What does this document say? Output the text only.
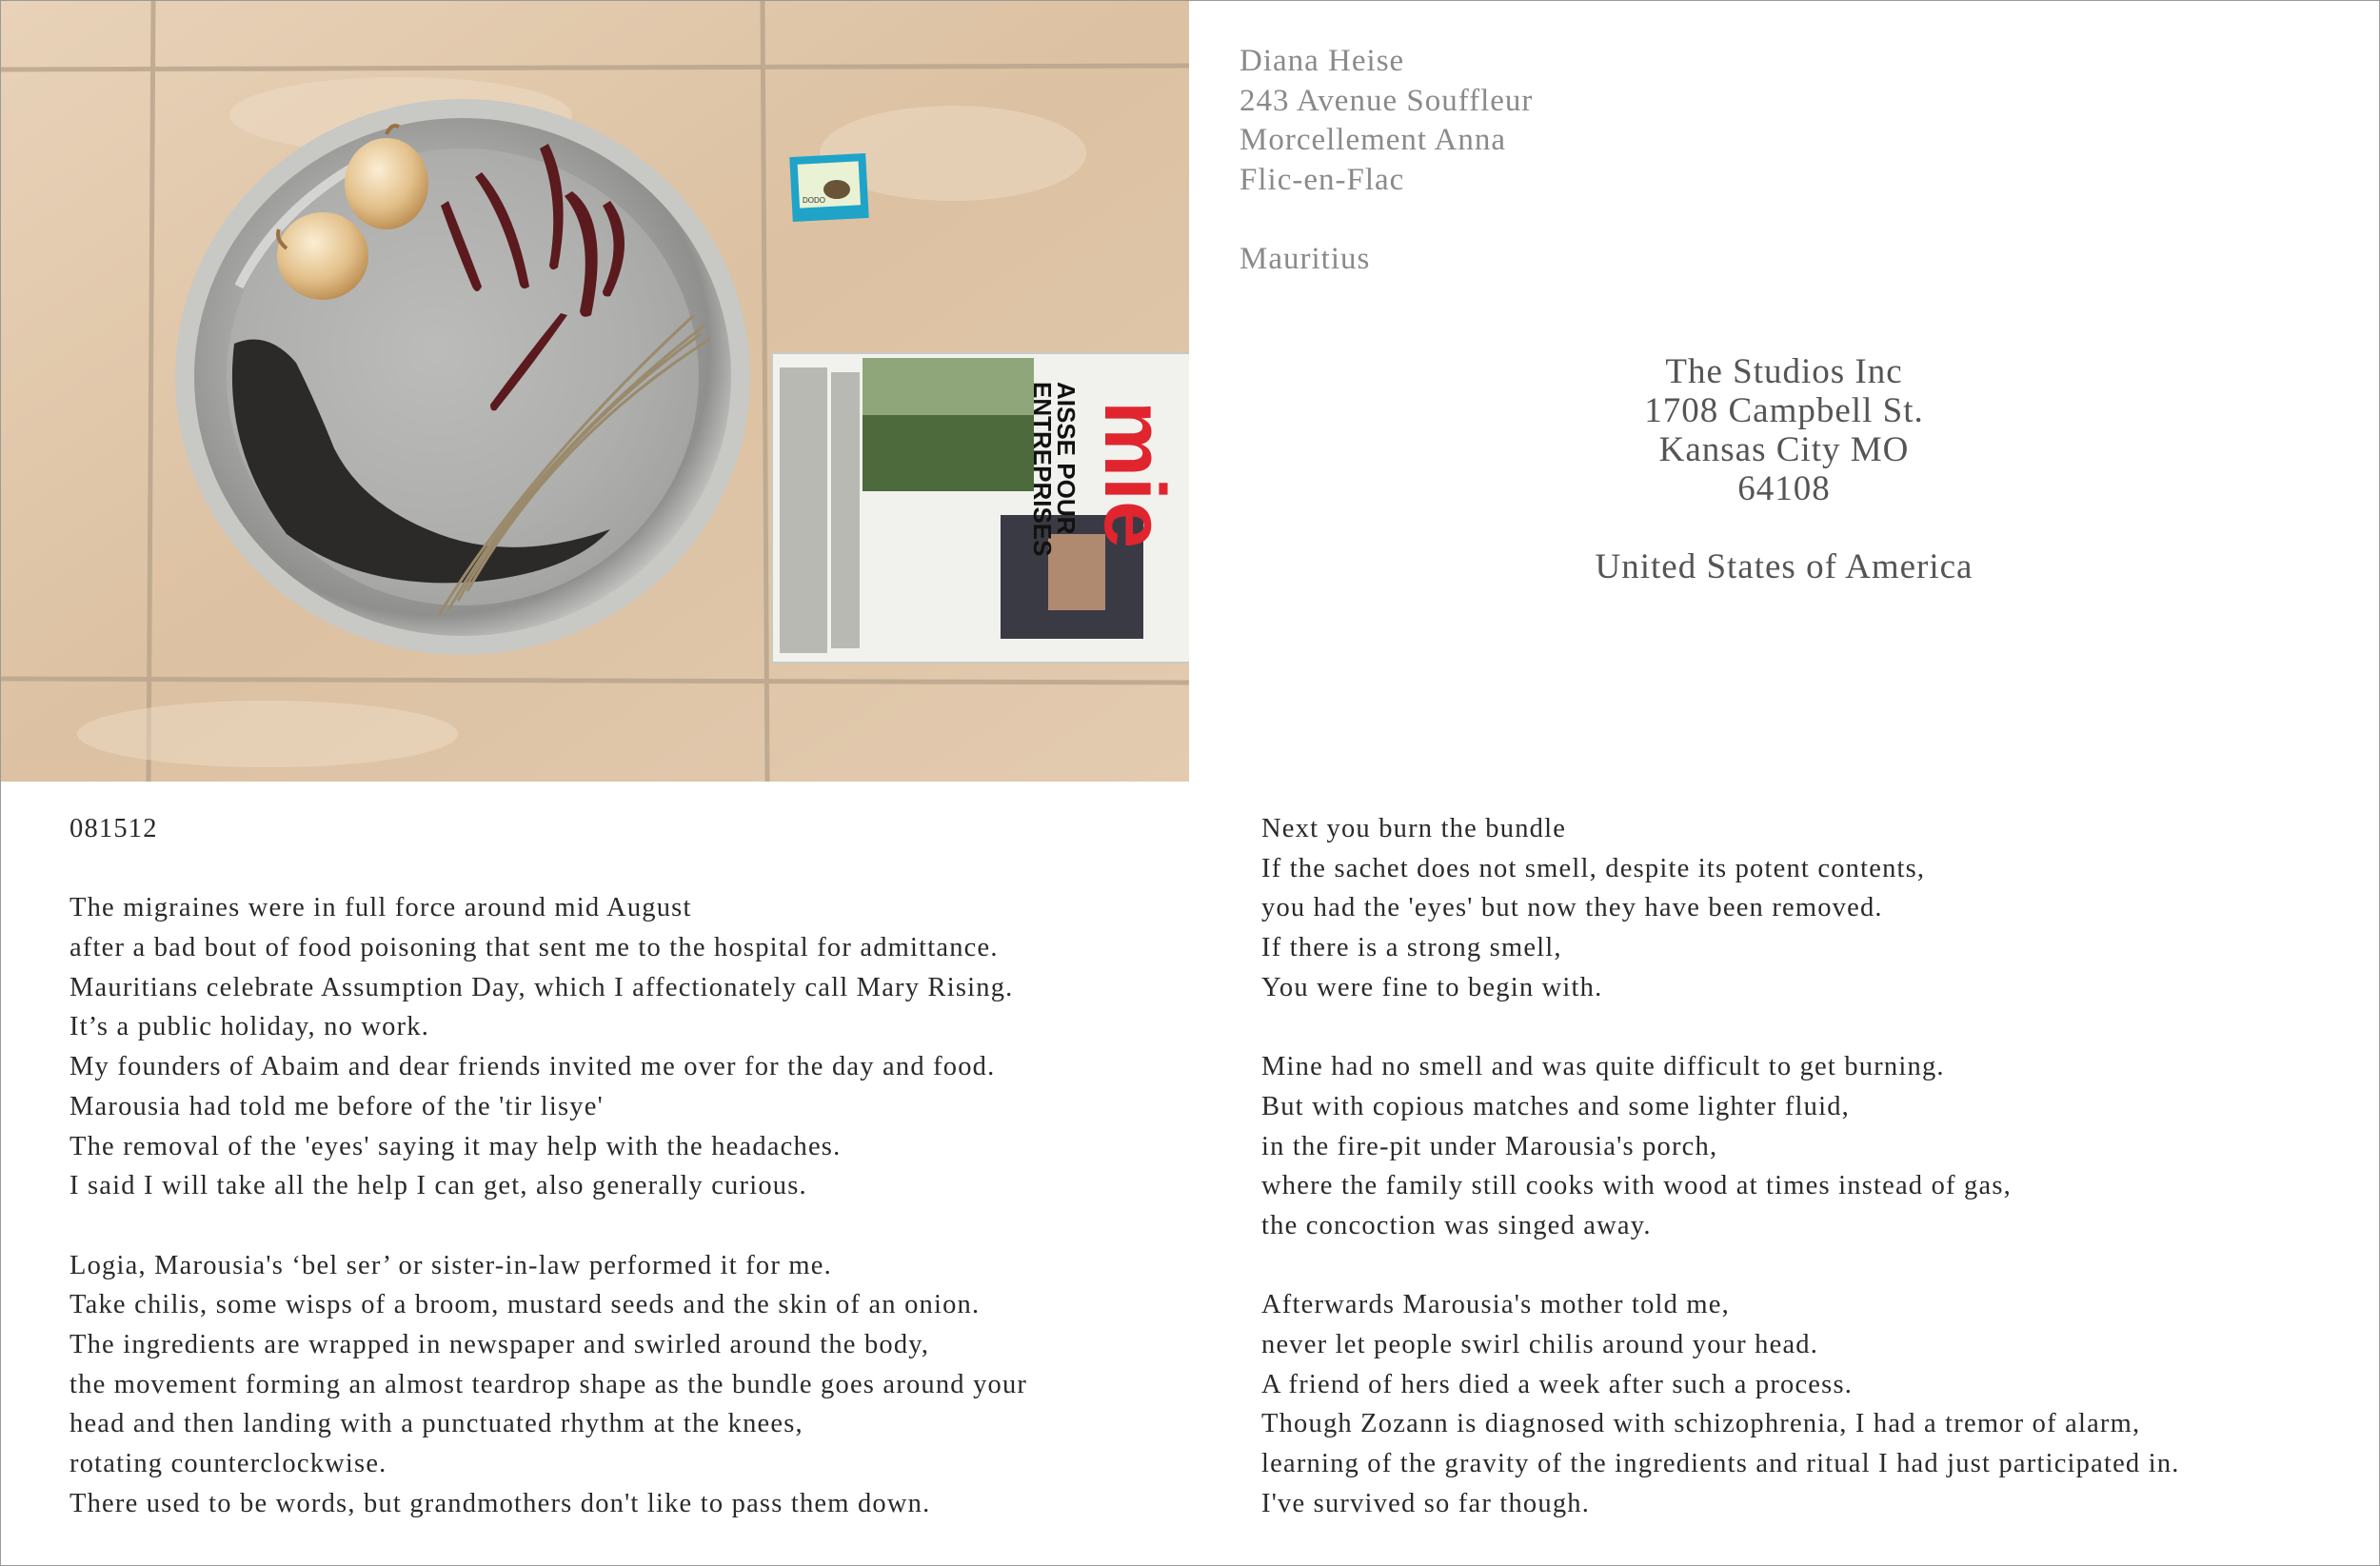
DODO
mie
AISSE POUR
ENTREPRISES
Diana Heise
243 Avenue Souffleur
Morcellement Anna
Flic-en-Flac
Mauritius
The Studios Inc
1708 Campbell St.
Kansas City MO
64108
United States of America
081512
The migraines were in full force around mid August
after a bad bout of food poisoning that sent me to the hospital for admittance.
Mauritians celebrate Assumption Day, which I affectionately call Mary Rising.
It’s a public holiday, no work.
My founders of Abaim and dear friends invited me over for the day and food.
Marousia had told me before of the 'tir lisye'
The removal of the 'eyes' saying it may help with the headaches.
I said I will take all the help I can get, also generally curious.
Logia, Marousia's ‘bel ser’ or sister-in-law performed it for me.
Take chilis, some wisps of a broom, mustard seeds and the skin of an onion.
The ingredients are wrapped in newspaper and swirled around the body,
the movement forming an almost teardrop shape as the bundle goes around your
head and then landing with a punctuated rhythm at the knees,
rotating counterclockwise.
There used to be words, but grandmothers don't like to pass them down.
Next you burn the bundle
If the sachet does not smell, despite its potent contents,
you had the 'eyes' but now they have been removed.
If there is a strong smell,
You were fine to begin with.
Mine had no smell and was quite difficult to get burning.
But with copious matches and some lighter fluid,
in the fire-pit under Marousia's porch,
where the family still cooks with wood at times instead of gas,
the concoction was singed away.
Afterwards Marousia's mother told me,
never let people swirl chilis around your head.
A friend of hers died a week after such a process.
Though Zozann is diagnosed with schizophrenia, I had a tremor of alarm,
learning of the gravity of the ingredients and ritual I had just participated in.
I've survived so far though.
